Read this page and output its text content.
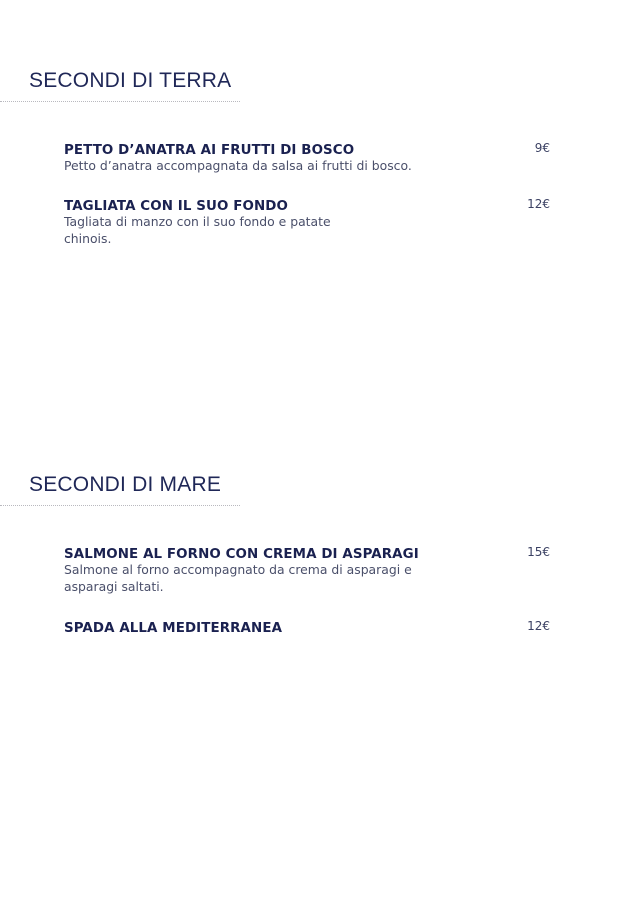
SECONDI DI TERRA
PETTO D’ANATRA AI FRUTTI DI BOSCO

Petto d’anatra accompagnata da salsa ai frutti di bosco.

9€
TAGLIATA CON IL SUO FONDO

Tagliata di manzo con il suo fondo e patate chinois.

12€
SECONDI DI MARE
SALMONE AL FORNO CON CREMA DI ASPARAGI

Salmone al forno accompagnato da crema di asparagi e asparagi saltati.

15€
SPADA ALLA MEDITERRANEA	12€
